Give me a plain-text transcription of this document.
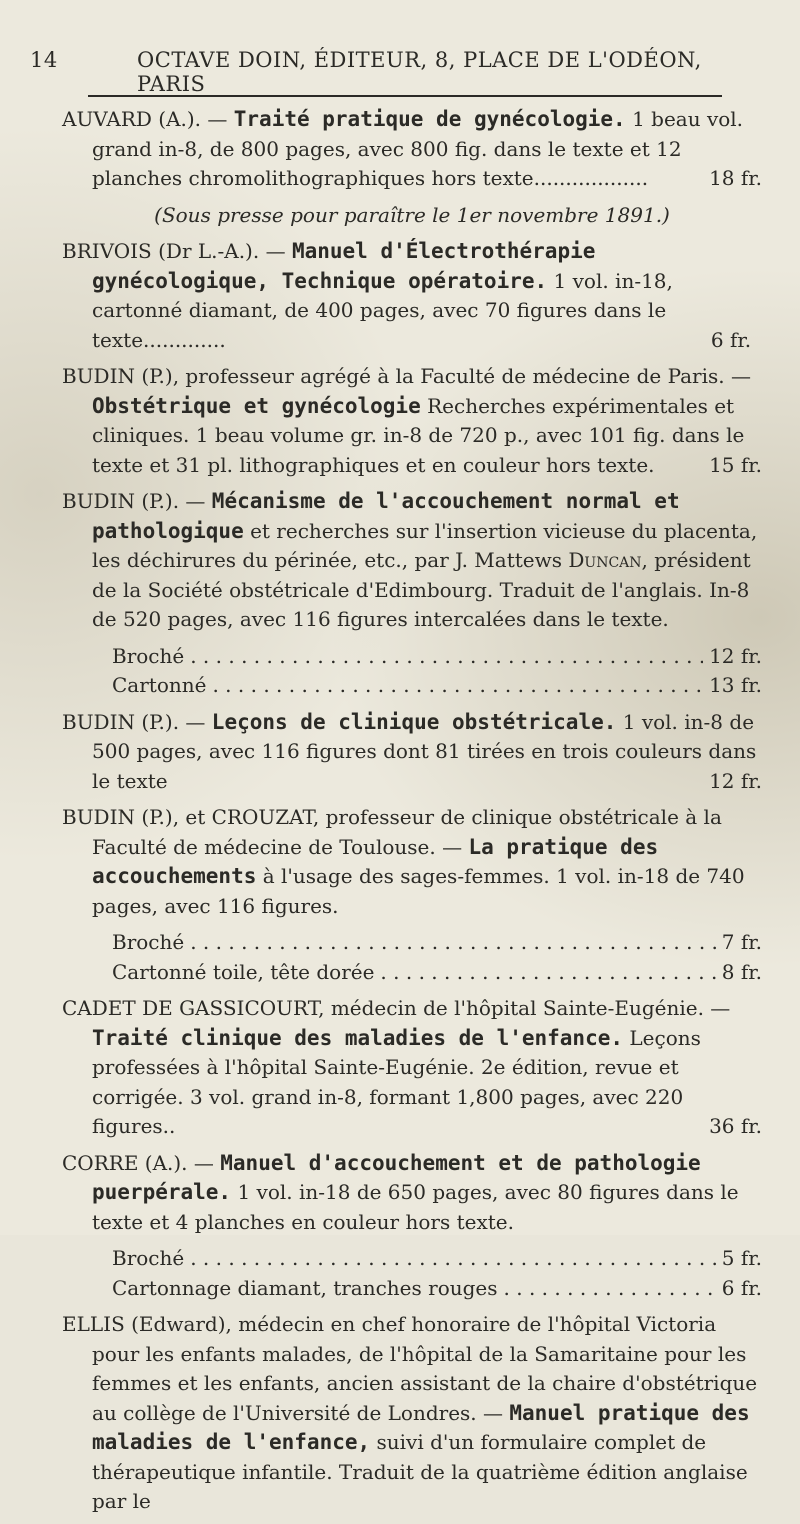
14	OCTAVE DOIN, ÉDITEUR, 8, PLACE DE L'ODÉON, PARIS
AUVARD (A.). — Traité pratique de gynécologie. 1 beau vol. grand in-8, de 800 pages, avec 800 fig. dans le texte et 12 planches chromolithographiques hors texte..................	18 fr.
(Sous presse pour paraître le 1er novembre 1891.)
BRIVOIS (Dr L.-A.). — Manuel d'Électrothérapie gynécologique, Technique opératoire. 1 vol. in-18, cartonné diamant, de 400 pages, avec 70 figures dans le texte.............	6 fr.
BUDIN (P.), professeur agrégé à la Faculté de médecine de Paris. — Obstétrique et gynécologie Recherches expérimentales et cliniques. 1 beau volume gr. in-8 de 720 p., avec 101 fig. dans le texte et 31 pl. lithographiques et en couleur hors texte.	15 fr.
BUDIN (P.). — Mécanisme de l'accouchement normal et pathologique et recherches sur l'insertion vicieuse du placenta, les déchirures du périnée, etc., par J. Mattews Duncan, président de la Société obstétricale d'Edimbourg. Traduit de l'anglais. In-8 de 520 pages, avec 116 figures intercalées dans le texte.
Broché . . .	12 fr.
Cartonné . . .	13 fr.
BUDIN (P.). — Leçons de clinique obstétricale. 1 vol. in-8 de 500 pages, avec 116 figures dont 81 tirées en trois couleurs dans le texte	12 fr.
BUDIN (P.), et CROUZAT, professeur de clinique obstétricale à la Faculté de médecine de Toulouse. — La pratique des accouchements à l'usage des sages-femmes. 1 vol. in-18 de 740 pages, avec 116 figures.
Broché . . .	7 fr.
Cartonné toile, tête dorée . . .	8 fr.
CADET DE GASSICOURT, médecin de l'hôpital Sainte-Eugénie. — Traité clinique des maladies de l'enfance. Leçons professées à l'hôpital Sainte-Eugénie. 2e édition, revue et corrigée. 3 vol. grand in-8, formant 1,800 pages, avec 220 figures..	36 fr.
CORRE (A.). — Manuel d'accouchement et de pathologie puerpérale. 1 vol. in-18 de 650 pages, avec 80 figures dans le texte et 4 planches en couleur hors texte.
Broché . . .	5 fr.
Cartonnage diamant, tranches rouges . . .	6 fr.
ELLIS (Edward), médecin en chef honoraire de l'hôpital Victoria pour les enfants malades, de l'hôpital de la Samaritaine pour les femmes et les enfants, ancien assistant de la chaire d'obstétrique au collège de l'Université de Londres. — Manuel pratique des maladies de l'enfance, suivi d'un formulaire complet de thérapeutique infantile. Traduit de la quatrième édition anglaise par le
